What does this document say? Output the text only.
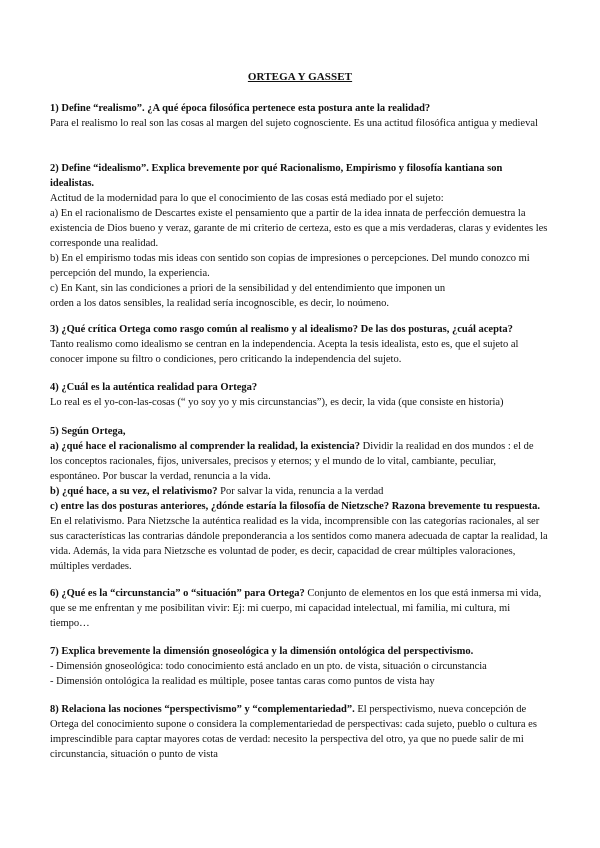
ORTEGA Y GASSET
1) Define “realismo”. ¿A qué época filosófica pertenece esta postura ante la realidad?
Para el realismo lo real son las cosas al margen del sujeto cognosciente. Es una actitud filosófica antigua y medieval
2) Define “idealismo”. Explica brevemente por qué Racionalismo, Empirismo y filosofía kantiana son idealistas.
Actitud de la modernidad para lo que el conocimiento de las cosas está mediado por el sujeto:
a) En el racionalismo de Descartes existe el pensamiento que a partir de la idea innata de perfección demuestra la existencia de Dios bueno y veraz, garante de mi criterio de certeza, esto es que a mis verdaderas, claras y evidentes les corresponde una realidad.
b) En el empirismo todas mis ideas con sentido son copias de impresiones o percepciones. Del mundo conozco mi percepción del mundo, la experiencia.
c) En Kant, sin las condiciones a priori de la sensibilidad y del entendimiento que imponen un
orden a los datos sensibles, la realidad sería incognoscible, es decir, lo noúmeno.
3) ¿Qué crítica Ortega como rasgo común al realismo y al idealismo? De las dos posturas, ¿cuál acepta?
Tanto realismo como idealismo se centran en la independencia. Acepta la tesis idealista, esto es, que el sujeto al conocer impone su filtro o condiciones, pero criticando la independencia del sujeto.
4) ¿Cuál es la auténtica realidad para Ortega?
Lo real es el yo-con-las-cosas (“ yo soy yo y mis circunstancias”), es decir, la vida (que consiste en historia)
5) Según Ortega,
a) ¿qué hace el racionalismo al comprender la realidad, la existencia? Dividir la realidad en dos mundos : el de los conceptos racionales, fijos, universales, precisos y eternos; y el mundo de lo vital, cambiante, peculiar, espontáneo. Por buscar la verdad, renuncia a la vida.
b) ¿qué hace, a su vez, el relativismo? Por salvar la vida, renuncia a la verdad
c) entre las dos posturas anteriores, ¿dónde estaría la filosofía de Nietzsche? Razona brevemente tu respuesta. En el relativismo. Para Nietzsche la auténtica realidad es la vida, incomprensible con las categorías racionales, al ser sus características las contrarias dándole preponderancia a los sentidos como manera adecuada de captar la realidad, la vida. Además, la vida para Nietzsche es voluntad de poder, es decir, capacidad de crear múltiples valoraciones, múltiples verdades.
6) ¿Qué es la “circunstancia” o “situación” para Ortega? Conjunto de elementos en los que está inmersa mi vida, que se me enfrentan y me posibilitan vivir: Ej: mi cuerpo, mi capacidad intelectual, mi familia, mi cultura, mi tiempo…
7) Explica brevemente la dimensión gnoseológica y la dimensión ontológica del perspectivismo.
- Dimensión gnoseológica: todo conocimiento está anclado en un pto. de vista, situación o circunstancia
- Dimensión ontológica la realidad es múltiple, posee tantas caras como puntos de vista hay
8) Relaciona las nociones “perspectivismo” y “complementariedad”. El perspectivismo, nueva concepción de Ortega del conocimiento supone o considera la complementariedad de perspectivas: cada sujeto, pueblo o cultura es imprescindible para captar mayores cotas de verdad: necesito la perspectiva del otro, ya que no puede salir de mi circunstancia, situación o punto de vista
